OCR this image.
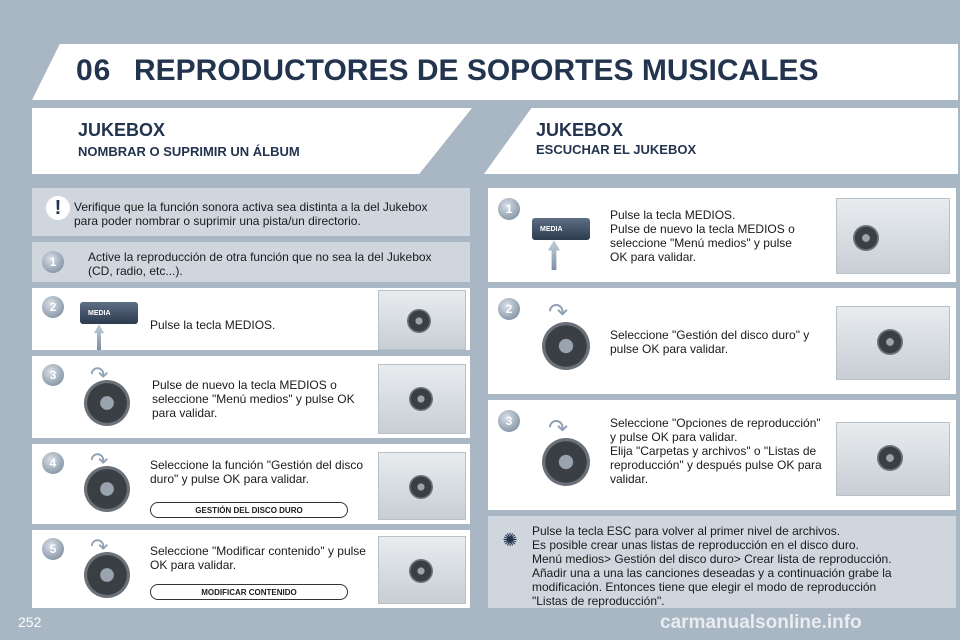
06 REPRODUCTORES DE SOPORTES MUSICALES
JUKEBOX
NOMBRAR O SUPRIMIR UN ÁLBUM
!	Verifique que la función sonora activa sea distinta a la del Jukebox para poder nombrar o suprimir una pista/un directorio.
1	Active la reproducción de otra función que no sea la del Jukebox (CD, radio, etc...).
2	MEDIA
Pulse la tecla MEDIOS.
3	↷	Pulse de nuevo la tecla MEDIOS o seleccione "Menú medios" y pulse OK para validar.
4	↷	Seleccione la función "Gestión del disco duro" y pulse OK para validar.
GESTIÓN DEL DISCO DURO
5	↷	Seleccione "Modificar contenido" y pulse OK para validar.
MODIFICAR CONTENIDO
JUKEBOX
ESCUCHAR EL JUKEBOX
1
MEDIA
Pulse la tecla MEDIOS.
Pulse de nuevo la tecla MEDIOS o seleccione "Menú medios" y pulse OK para validar.
2	↷
Seleccione "Gestión del disco duro" y pulse OK para validar.
3	↷	Seleccione "Opciones de reproducción" y pulse OK para validar.
Elija "Carpetas y archivos" o "Listas de reproducción" y después pulse OK para validar.
✺	Pulse la tecla ESC para volver al primer nivel de archivos.
Es posible crear unas listas de reproducción en el disco duro.
Menú medios> Gestión del disco duro> Crear lista de reproducción.
Añadir una a una las canciones deseadas y a continuación grabe la modificación. Entonces tiene que elegir el modo de reproducción "Listas de reproducción".
252	carmanualsonline.info
